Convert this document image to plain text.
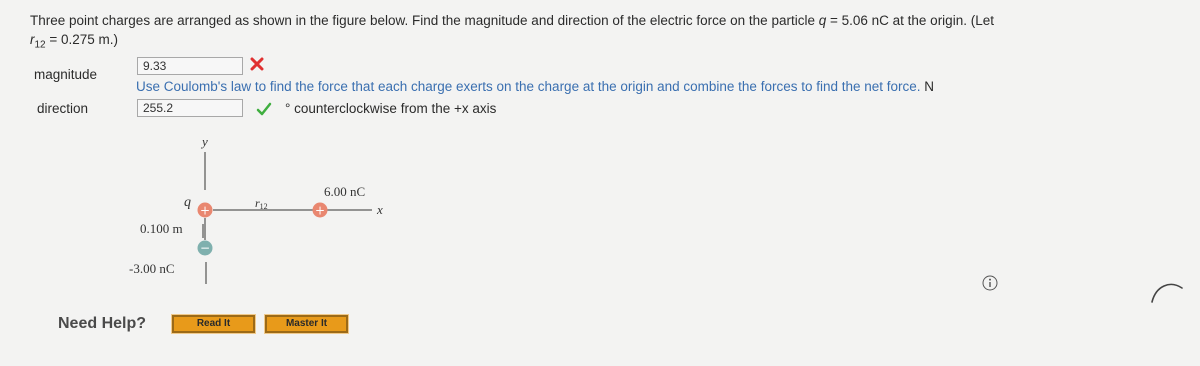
Three point charges are arranged as shown in the figure below. Find the magnitude and direction of the electric force on the particle q = 5.06 nC at the origin. (Let
$r_{12} = 0.275$ m.)
magnitude
9.33
Use Coulomb's law to find the force that each charge exerts on the charge at the origin and combine the forces to find the net force. N
direction	255.2	° counterclockwise from the +x axis
+	+
−
y
x
q
6.00 nC
0.100 m
-3.00 nC
r12
Need Help?	Read It	Master It
